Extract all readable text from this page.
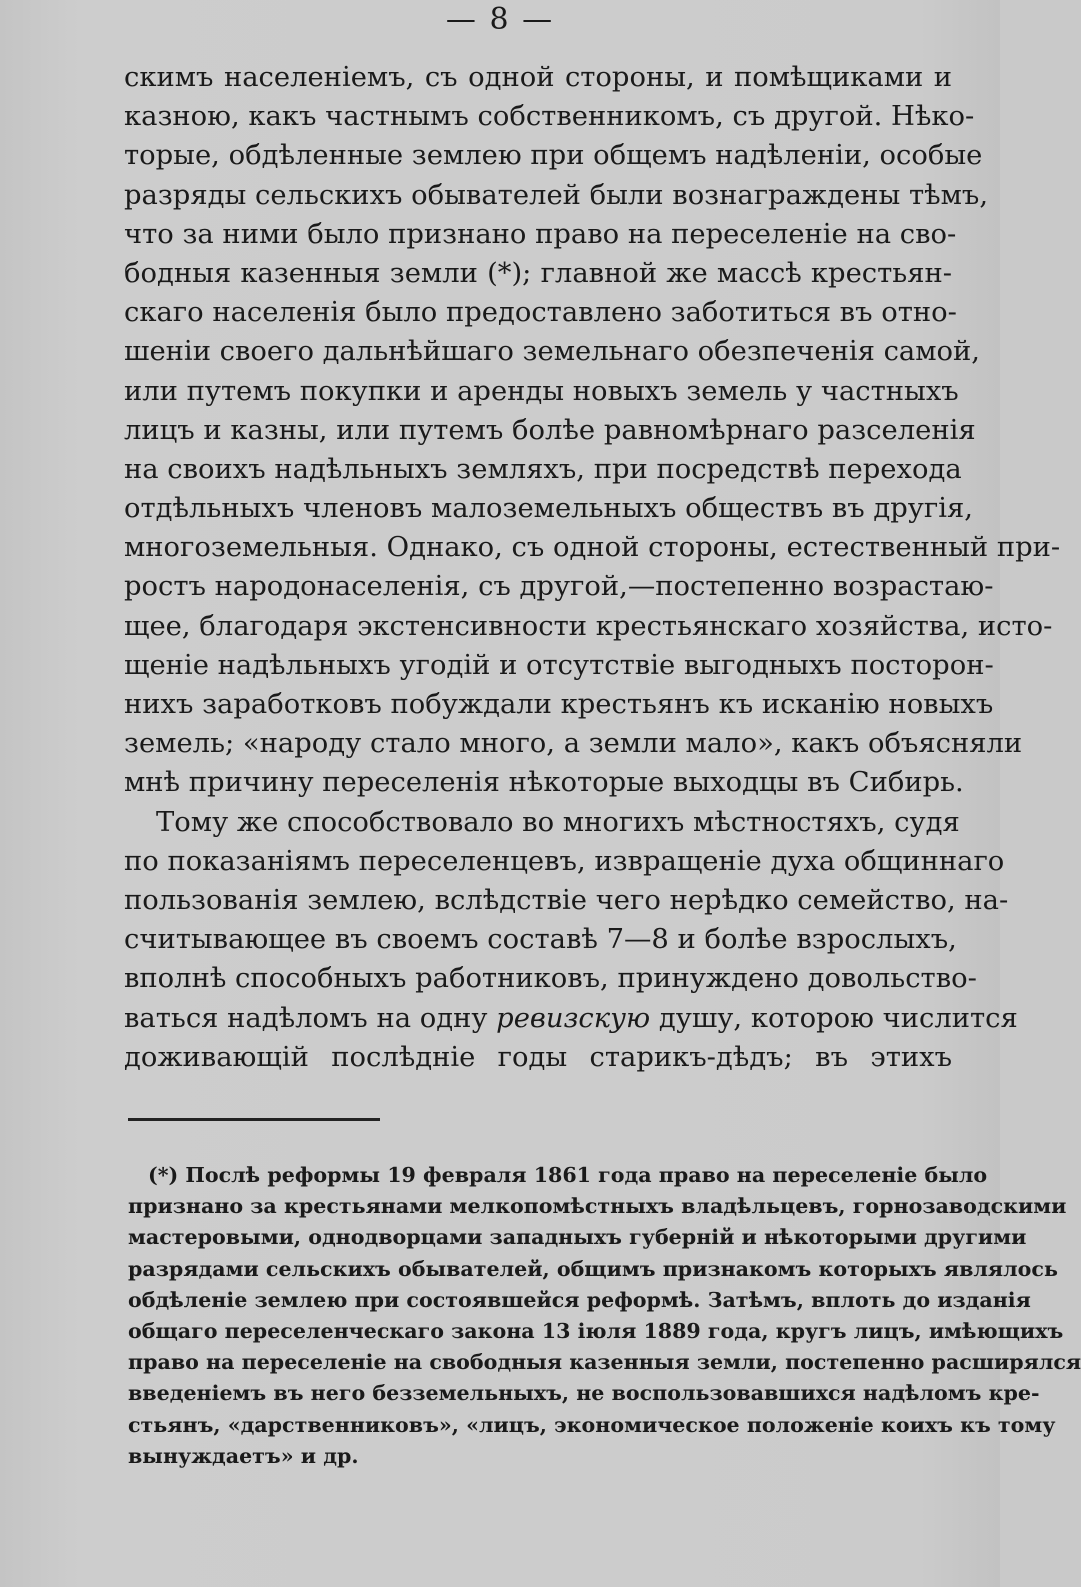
— 8 —
скимъ населеніемъ, съ одной стороны, и помѣщиками и
казною, какъ частнымъ собственникомъ, съ другой. Нѣко-
торые, обдѣленные землею при общемъ надѣленіи, особые
разряды сельскихъ обывателей были вознаграждены тѣмъ,
что за ними было признано право на переселеніе на сво-
бодныя казенныя земли (*); главной же массѣ крестьян-
скаго населенія было предоставлено заботиться въ отно-
шеніи своего дальнѣйшаго земельнаго обезпеченія самой,
или путемъ покупки и аренды новыхъ земель у частныхъ
лицъ и казны, или путемъ болѣе равномѣрнаго разселенія
на своихъ надѣльныхъ земляхъ, при посредствѣ перехода
отдѣльныхъ членовъ малоземельныхъ обществъ въ другія,
многоземельныя. Однако, съ одной стороны, естественный при-
ростъ народонаселенія, съ другой,—постепенно возрастаю-
щее, благодаря экстенсивности крестьянскаго хозяйства, исто-
щеніе надѣльныхъ угодій и отсутствіе выгодныхъ посторон-
нихъ заработковъ побуждали крестьянъ къ исканію новыхъ
земель; «народу стало много, а земли мало», какъ объясняли
мнѣ причину переселенія нѣкоторые выходцы въ Сибирь.
Тому же способствовало во многихъ мѣстностяхъ, судя
по показаніямъ переселенцевъ, извращеніе духа общиннаго
пользованія землею, вслѣдствіе чего нерѣдко семейство, на-
считывающее въ своемъ составѣ 7—8 и болѣе взрослыхъ,
вполнѣ способныхъ работниковъ, принуждено довольство-
ваться надѣломъ на одну ревизскую душу, которою числится
доживающій послѣдніе годы старикъ-дѣдъ; въ этихъ
(*) Послѣ реформы 19 февраля 1861 года право на переселеніе было
признано за крестьянами мелкопомѣстныхъ владѣльцевъ, горнозаводскими
мастеровыми, однодворцами западныхъ губерній и нѣкоторыми другими
разрядами сельскихъ обывателей, общимъ признакомъ которыхъ являлось
обдѣленіе землею при состоявшейся реформѣ. Затѣмъ, вплоть до изданія
общаго переселенческаго закона 13 іюля 1889 года, кругъ лицъ, имѣющихъ
право на переселеніе на свободныя казенныя земли, постепенно расширялся
введеніемъ въ него безземельныхъ, не воспользовавшихся надѣломъ кре-
стьянъ, «дарственниковъ», «лицъ, экономическое положеніе коихъ къ тому
вынуждаетъ» и др.
